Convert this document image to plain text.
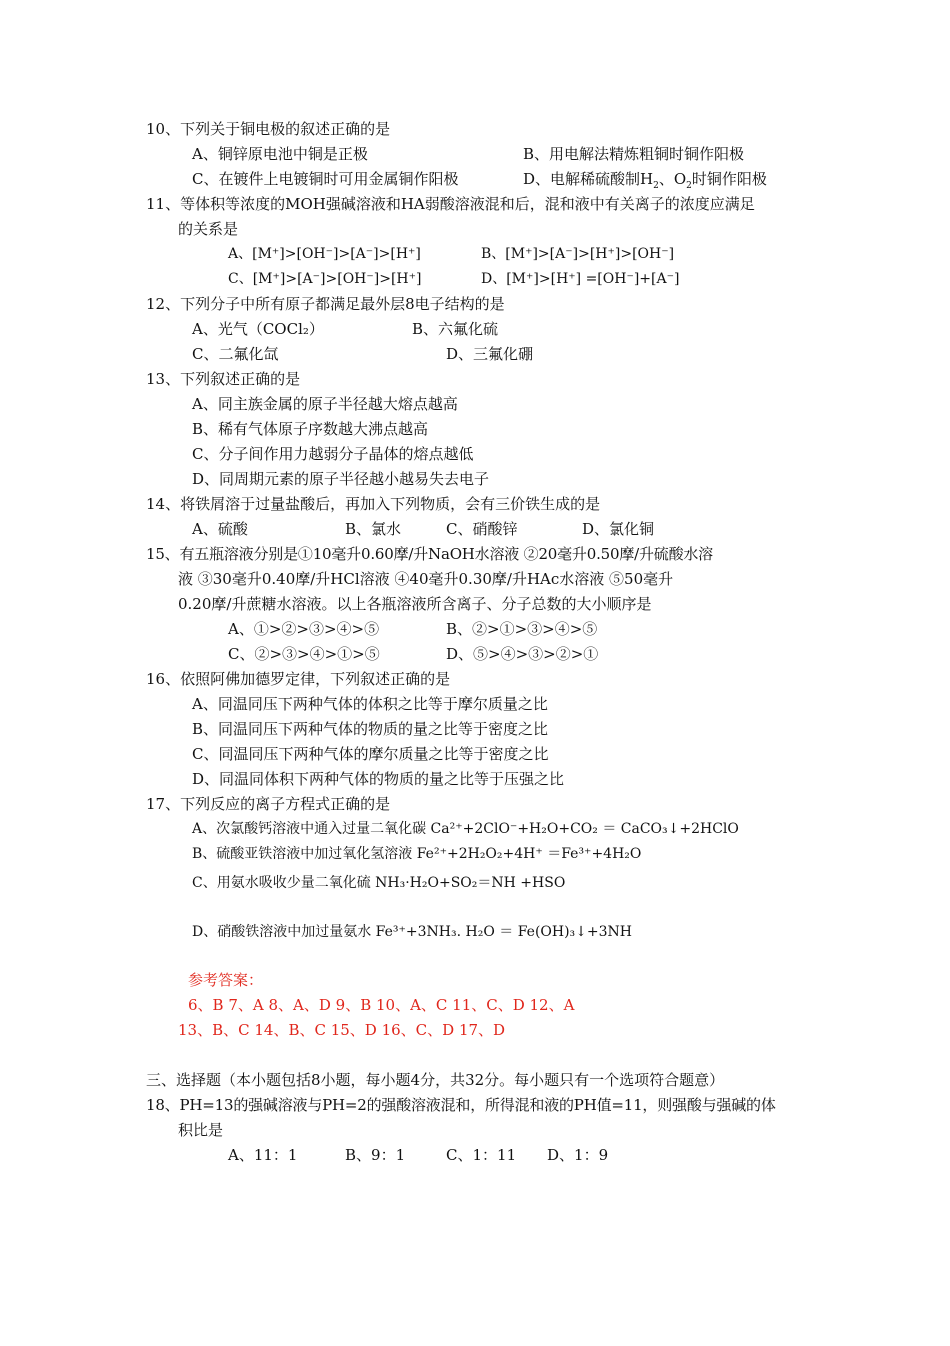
10、下列关于铜电极的叙述正确的是
A、铜锌原电池中铜是正极	B、用电解法精炼粗铜时铜作阳极
C、在镀件上电镀铜时可用金属铜作阳极	D、电解稀硫酸制$H_2$、$O_2$时铜作阳极
11、等体积等浓度的MOH强碱溶液和HA弱酸溶液混和后，混和液中有关离子的浓度应满足
的关系是
A、[M⁺]>[OH⁻]>[A⁻]>[H⁺]	B、[M⁺]>[A⁻]>[H⁺]>[OH⁻]
C、[M⁺]>[A⁻]>[OH⁻]>[H⁺]	D、[M⁺]>[H⁺] =[OH⁻]+[A⁻]
12、下列分子中所有原子都满足最外层8电子结构的是
A、光气（COCl₂）	B、六氟化硫
C、二氟化氙	D、三氟化硼
13、下列叙述正确的是
A、同主族金属的原子半径越大熔点越高
B、稀有气体原子序数越大沸点越高
C、分子间作用力越弱分子晶体的熔点越低
D、同周期元素的原子半径越小越易失去电子
14、将铁屑溶于过量盐酸后，再加入下列物质，会有三价铁生成的是
A、硫酸	B、氯水	C、硝酸锌	D、氯化铜
15、有五瓶溶液分别是①10毫升0.60摩/升NaOH水溶液 ②20毫升0.50摩/升硫酸水溶
液 ③30毫升0.40摩/升HCl溶液 ④40毫升0.30摩/升HAc水溶液 ⑤50毫升
0.20摩/升蔗糖水溶液。以上各瓶溶液所含离子、分子总数的大小顺序是
A、①>②>③>④>⑤	B、②>①>③>④>⑤
C、②>③>④>①>⑤	D、⑤>④>③>②>①
16、依照阿佛加德罗定律，下列叙述正确的是
A、同温同压下两种气体的体积之比等于摩尔质量之比
B、同温同压下两种气体的物质的量之比等于密度之比
C、同温同压下两种气体的摩尔质量之比等于密度之比
D、同温同体积下两种气体的物质的量之比等于压强之比
17、下列反应的离子方程式正确的是
A、次氯酸钙溶液中通入过量二氧化碳 Ca²⁺+2ClO⁻+H₂O+CO₂ ＝ CaCO₃↓+2HClO
B、硫酸亚铁溶液中加过氧化氢溶液 Fe²⁺+2H₂O₂+4H⁺ ＝Fe³⁺+4H₂O
C、用氨水吸收少量二氧化硫 NH₃·H₂O+SO₂＝NH +HSO
D、硝酸铁溶液中加过量氨水 Fe³⁺+3NH₃. H₂O ＝ Fe(OH)₃↓+3NH
参考答案：
6、B 7、A 8、A、D 9、B 10、A、C 11、C、D 12、A
13、B、C 14、B、C 15、D 16、C、D 17、D
三、选择题（本小题包括8小题，每小题4分，共32分。每小题只有一个选项符合题意）
18、PH=13的强碱溶液与PH=2的强酸溶液混和，所得混和液的PH值=11，则强酸与强碱的体
积比是
A、11：1	B、9：1	C、1：11 D、1：9
